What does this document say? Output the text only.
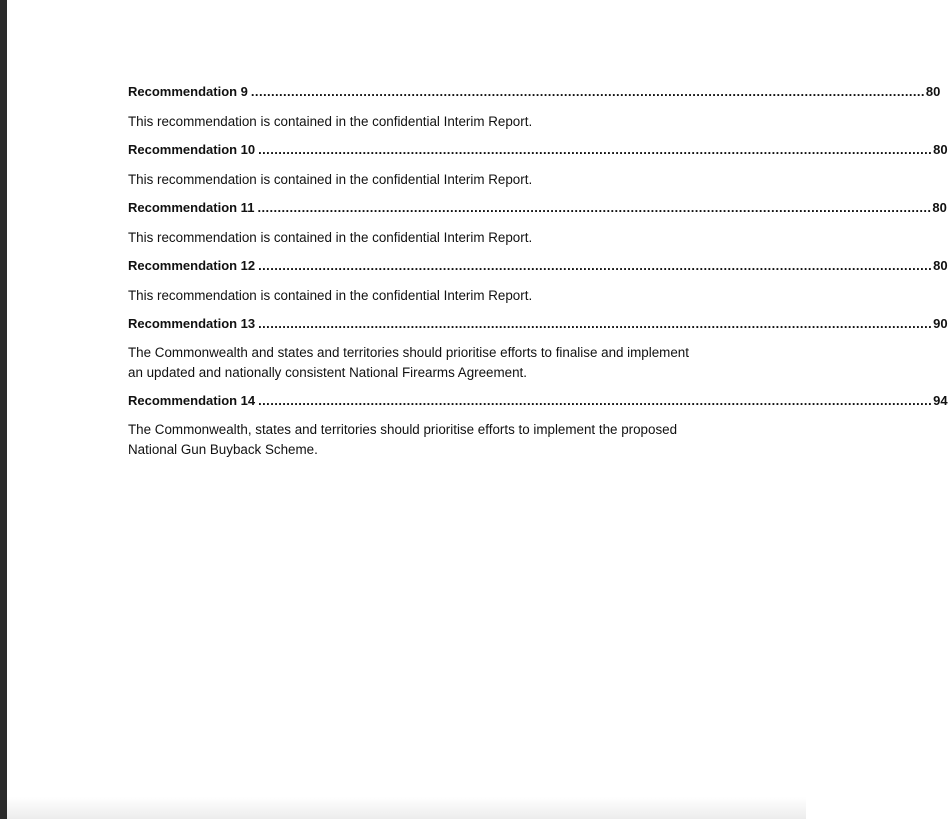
Recommendation 9 ........................................................................................................................................................................ 80
This recommendation is contained in the confidential Interim Report.
Recommendation 10 ........................................................................................................................................................................ 80
This recommendation is contained in the confidential Interim Report.
Recommendation 11 ........................................................................................................................................................................ 80
This recommendation is contained in the confidential Interim Report.
Recommendation 12 ........................................................................................................................................................................ 80
This recommendation is contained in the confidential Interim Report.
Recommendation 13 ........................................................................................................................................................................ 90
The Commonwealth and states and territories should prioritise efforts to finalise and implement an updated and nationally consistent National Firearms Agreement.
Recommendation 14 ........................................................................................................................................................................ 94
The Commonwealth, states and territories should prioritise efforts to implement the proposed National Gun Buyback Scheme.
